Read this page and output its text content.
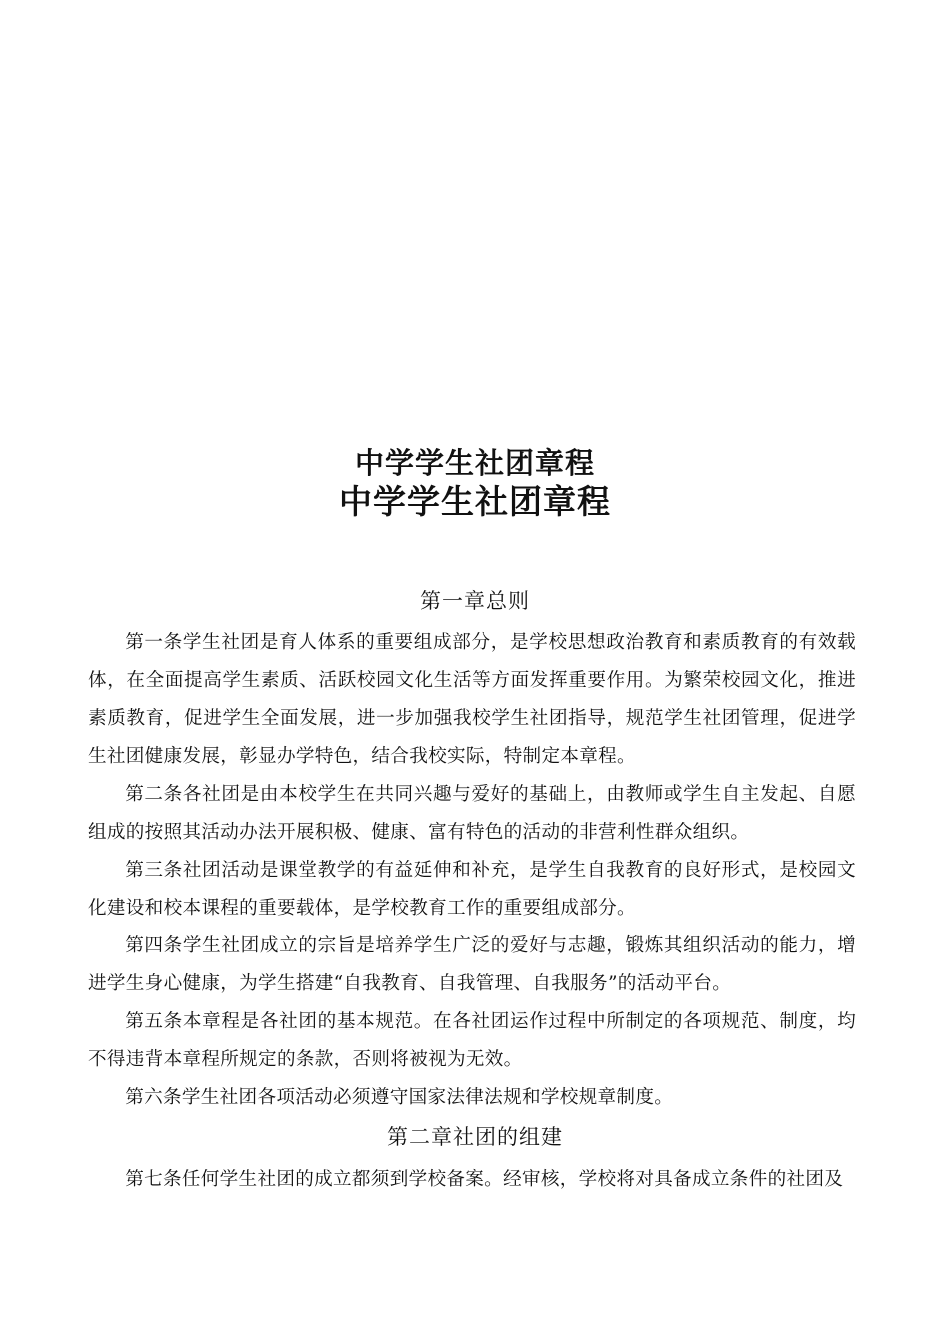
中学学生社团章程
中学学生社团章程
第一章总则

第一条学生社团是育人体系的重要组成部分，是学校思想政治教育和素质教育的有效载体，在全面提高学生素质、活跃校园文化生活等方面发挥重要作用。为繁荣校园文化，推进素质教育，促进学生全面发展，进一步加强我校学生社团指导，规范学生社团管理，促进学生社团健康发展，彰显办学特色，结合我校实际，特制定本章程。

第二条各社团是由本校学生在共同兴趣与爱好的基础上，由教师或学生自主发起、自愿组成的按照其活动办法开展积极、健康、富有特色的活动的非营利性群众组织。

第三条社团活动是课堂教学的有益延伸和补充，是学生自我教育的良好形式，是校园文化建设和校本课程的重要载体，是学校教育工作的重要组成部分。

第四条学生社团成立的宗旨是培养学生广泛的爱好与志趣，锻炼其组织活动的能力，增进学生身心健康，为学生搭建“自我教育、自我管理、自我服务”的活动平台。

第五条本章程是各社团的基本规范。在各社团运作过程中所制定的各项规范、制度，均不得违背本章程所规定的条款，否则将被视为无效。

第六条学生社团各项活动必须遵守国家法律法规和学校规章制度。

第二章社团的组建

第七条任何学生社团的成立都须到学校备案。经审核，学校将对具备成立条件的社团及
